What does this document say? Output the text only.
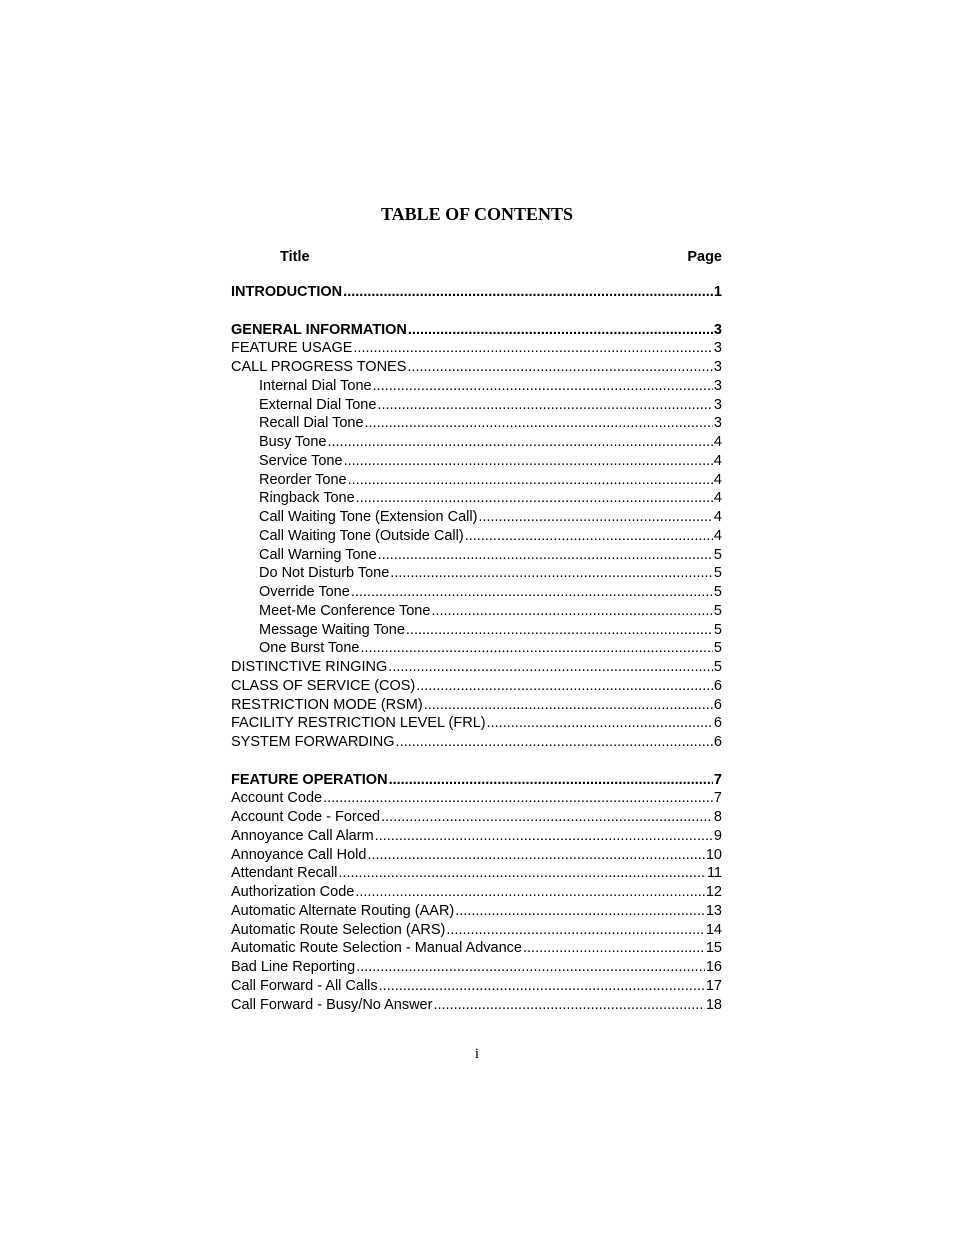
TABLE OF CONTENTS
Title	Page
INTRODUCTION .....	1
GENERAL INFORMATION .....	3
FEATURE USAGE .....	3
CALL PROGRESS TONES .....	3
Internal Dial Tone .....	3
External Dial Tone .....	3
Recall Dial Tone .....	3
Busy Tone .....	4
Service Tone .....	4
Reorder Tone .....	4
Ringback Tone .....	4
Call Waiting Tone (Extension Call) .....	4
Call Waiting Tone (Outside Call) .....	4
Call Warning Tone .....	5
Do Not Disturb Tone .....	5
Override Tone .....	5
Meet-Me Conference Tone .....	5
Message Waiting Tone .....	5
One Burst Tone .....	5
DISTINCTIVE RINGING .....	5
CLASS OF SERVICE (COS) .....	6
RESTRICTION MODE (RSM) .....	6
FACILITY RESTRICTION LEVEL (FRL) .....	6
SYSTEM FORWARDING .....	6
FEATURE OPERATION .....	7
Account Code .....	7
Account Code - Forced .....	8
Annoyance Call Alarm .....	9
Annoyance Call Hold .....	10
Attendant Recall .....	11
Authorization Code .....	12
Automatic Alternate Routing (AAR) .....	13
Automatic Route Selection (ARS) .....	14
Automatic Route Selection - Manual Advance .....	15
Bad Line Reporting .....	16
Call Forward - All Calls .....	17
Call Forward - Busy/No Answer .....	18
i
